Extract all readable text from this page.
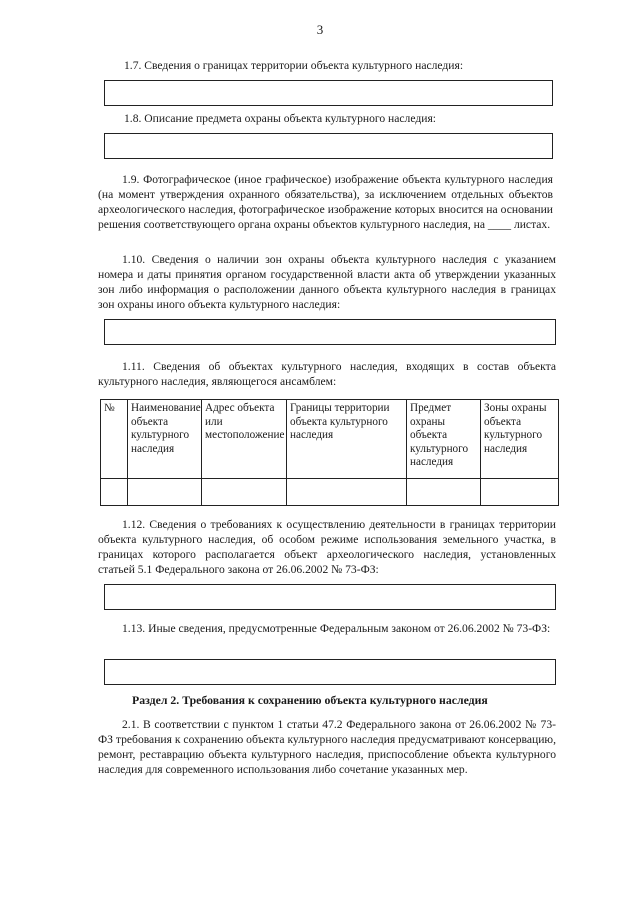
3
1.7. Сведения о границах территории объекта культурного наследия:
1.8. Описание предмета охраны объекта культурного наследия:

1.9. Фотографическое (иное графическое) изображение объекта культурного наследия (на момент утверждения охранного обязательства), за исключением отдельных объектов археологического наследия, фотографическое изображение которых вносится на основании решения соответствующего органа охраны объектов культурного наследия, на ____ листах.

1.10. Сведения о наличии зон охраны объекта культурного наследия с указанием номера и даты принятия органом государственной власти акта об утверждении указанных зон либо информация о расположении данного объекта культурного наследия в границах зон охраны иного объекта культурного наследия:

1.11. Сведения об объектах культурного наследия, входящих в состав объекта культурного наследия, являющегося ансамблем:

№	Наименование объекта культурного наследия	Адрес объекта или местоположение	Границы территории объекта культурного наследия	Предмет охраны объекта культурного наследия	Зоны охраны объекта культурного наследия

1.12. Сведения о требованиях к осуществлению деятельности в границах территории объекта культурного наследия, об особом режиме использования земельного участка, в границах которого располагается объект археологического наследия, установленных статьей 5.1 Федерального закона от 26.06.2002 № 73-ФЗ:

1.13. Иные сведения, предусмотренные Федеральным законом от 26.06.2002 № 73-ФЗ:

Раздел 2. Требования к сохранению объекта культурного наследия

2.1. В соответствии с пунктом 1 статьи 47.2 Федерального закона от 26.06.2002 № 73-ФЗ требования к сохранению объекта культурного наследия предусматривают консервацию, ремонт, реставрацию объекта культурного наследия, приспособление объекта культурного наследия для современного использования либо сочетание указанных мер.
